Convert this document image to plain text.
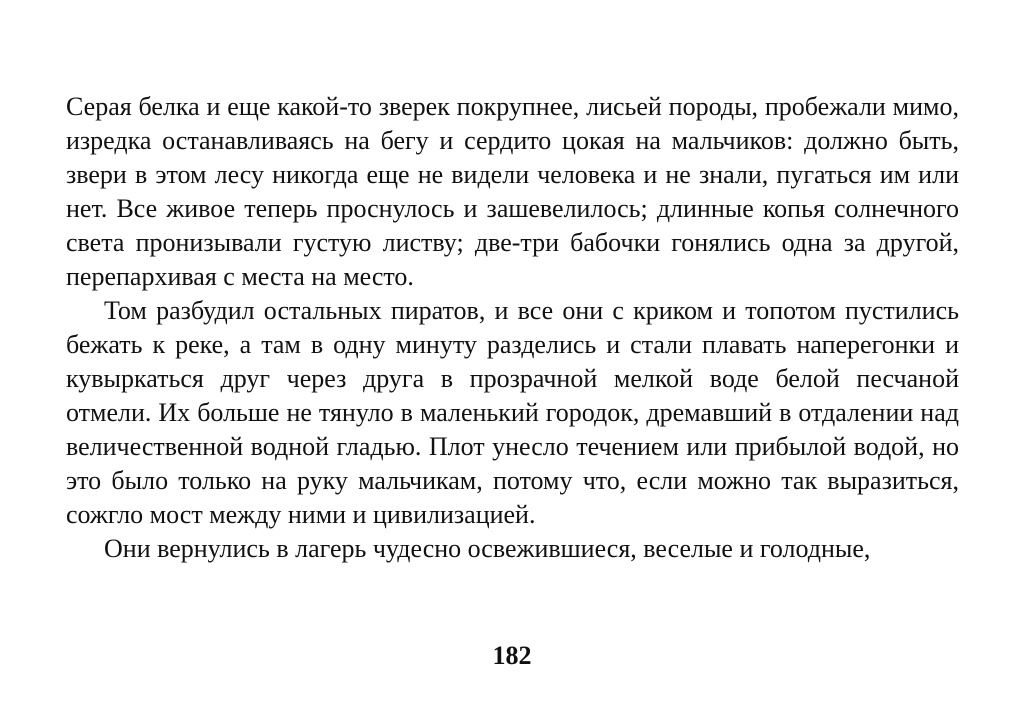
Серая белка и еще какой-то зверек покрупнее, лисьей породы, пробежали мимо, изредка останавливаясь на бегу и сердито цокая на мальчиков: должно быть, звери в этом лесу никогда еще не видели человека и не знали, пугаться им или нет. Все живое теперь проснулось и зашевелилось; длинные копья солнечного света пронизывали густую листву; две-три бабочки гонялись одна за другой, перепархивая с места на место.

Том разбудил остальных пиратов, и все они с криком и топотом пустились бежать к реке, а там в одну минуту разделись и стали плавать наперегонки и кувыркаться друг через друга в прозрачной мелкой воде белой песчаной отмели. Их больше не тянуло в маленький городок, дремавший в отдалении над величественной водной гладью. Плот унесло течением или прибылой водой, но это было только на руку мальчикам, потому что, если можно так выразиться, сожгло мост между ними и цивилизацией.

Они вернулись в лагерь чудесно освежившиеся, веселые и голодные,

182
